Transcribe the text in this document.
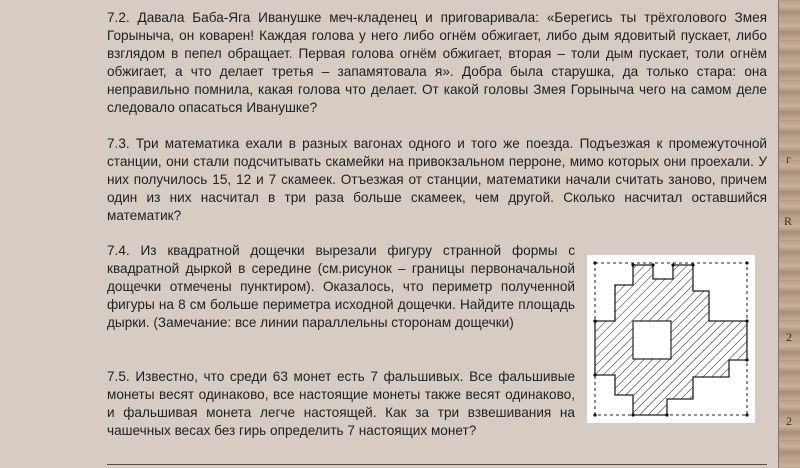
7.2. Давала Баба-Яга Иванушке меч-кладенец и приговаривала: «Берегись ты трёхголового Змея Горыныча, он коварен! Каждая голова у него либо огнём обжигает, либо дым ядовитый пускает, либо взглядом в пепел обращает. Первая голова огнём обжигает, вторая – толи дым пускает, толи огнём обжигает, а что делает третья – запамятовала я». Добра была старушка, да только стара: она неправильно помнила, какая голова что делает. От какой головы Змея Горыныча чего на самом деле следовало опасаться Иванушке?

7.3. Три математика ехали в разных вагонах одного и того же поезда. Подъезжая к промежуточной станции, они стали подсчитывать скамейки на привокзальном перроне, мимо которых они проехали. У них получилось 15, 12 и 7 скамеек. Отъезжая от станции, математики начали считать заново, причем один из них насчитал в три раза больше скамеек, чем другой. Сколько насчитал оставшийся математик?

7.4. Из квадратной дощечки вырезали фигуру странной формы с квадратной дыркой в середине (см.рисунок – границы первоначальной дощечки отмечены пунктиром). Оказалось, что периметр полученной фигуры на 8 см больше периметра исходной дощечки. Найдите площадь дырки. (Замечание: все линии параллельны сторонам дощечки)

7.5. Известно, что среди 63 монет есть 7 фальшивых. Все фальшивые монеты весят одинаково, все настоящие монеты также весят одинаково, и фальшивая монета легче настоящей. Как за три взвешивания на чашечных весах без гирь определить 7 настоящих монет?

г
R
2
2
